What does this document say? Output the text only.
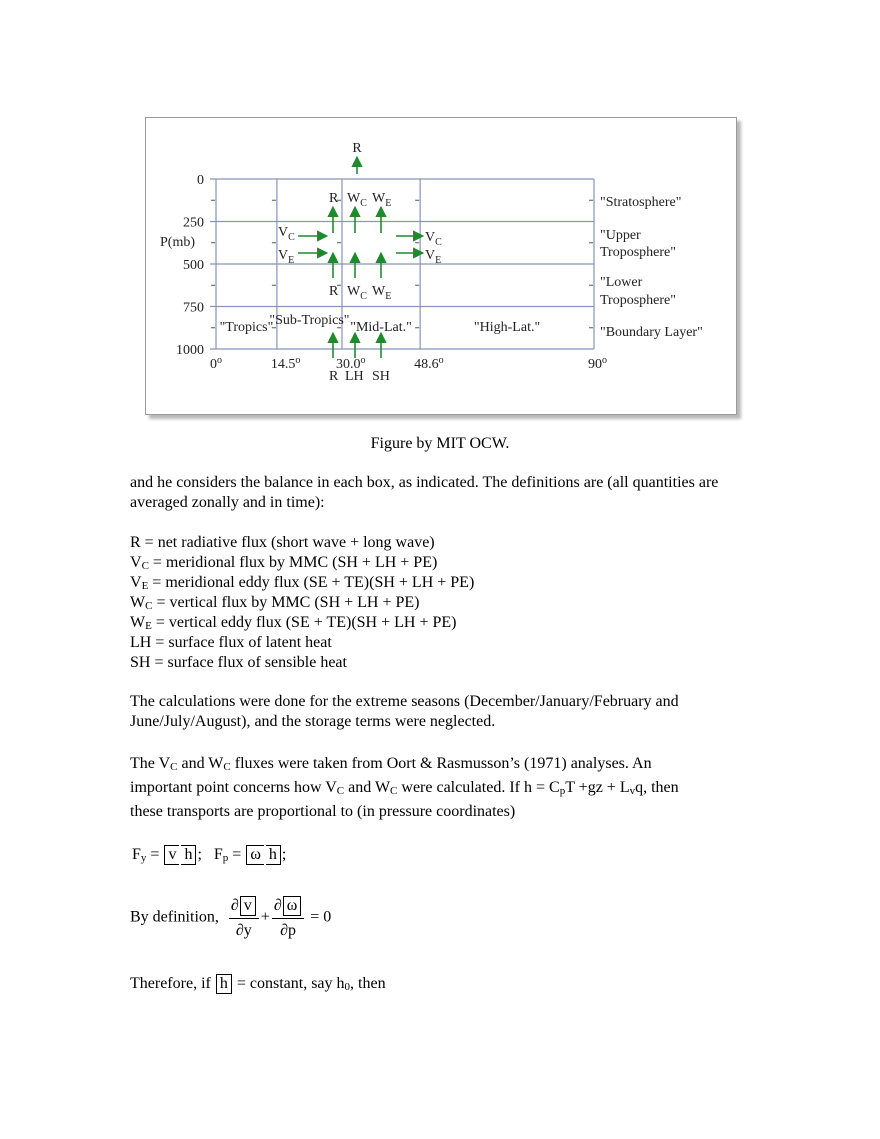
0
250
500
750
1000
P(mb)
0$^o$	14.5$^o$	30.0$^o$	48.6$^o$	90$^o$
"Stratosphere"
"Upper
Troposphere"
"Lower
Troposphere"
"Boundary Layer"
"Tropics"
"Sub-Tropics" "Mid-Lat."	"High-Lat."
R
R $W_C$ $W_E$
$V_C$
$V_E$
$V_C$
$V_E$
R $W_C$ $W_E$
R LH SH
Figure by MIT OCW.

and he considers the balance in each box, as indicated. The definitions are (all quantities are averaged zonally and in time):

R = net radiative flux (short wave + long wave)
$V_C$ = meridional flux by MMC (SH + LH + PE)
$V_E$ = meridional eddy flux (SE + TE)(SH + LH + PE)
$W_C$ = vertical flux by MMC (SH + LH + PE)
$W_E$ = vertical eddy flux (SE + TE)(SH + LH + PE)
LH = surface flux of latent heat
SH = surface flux of sensible heat

The calculations were done for the extreme seasons (December/January/February and June/July/August), and the storage terms were neglected.

The $V_C$ and $W_C$ fluxes were taken from Oort & Rasmusson’s (1971) analyses. An
important point concerns how $V_C$ and $W_C$ were calculated. If $h = C_pT +gz + L_vq$, then
these transports are proportional to (in pressure coordinates)
$F_y = v$ h ; $F_p = \omega$ h ;
By definition, $\frac{\partial v}{\partial y} + \frac{\partial \omega}{\partial p} = 0$
Therefore, if h = constant, say $h_0$, then
